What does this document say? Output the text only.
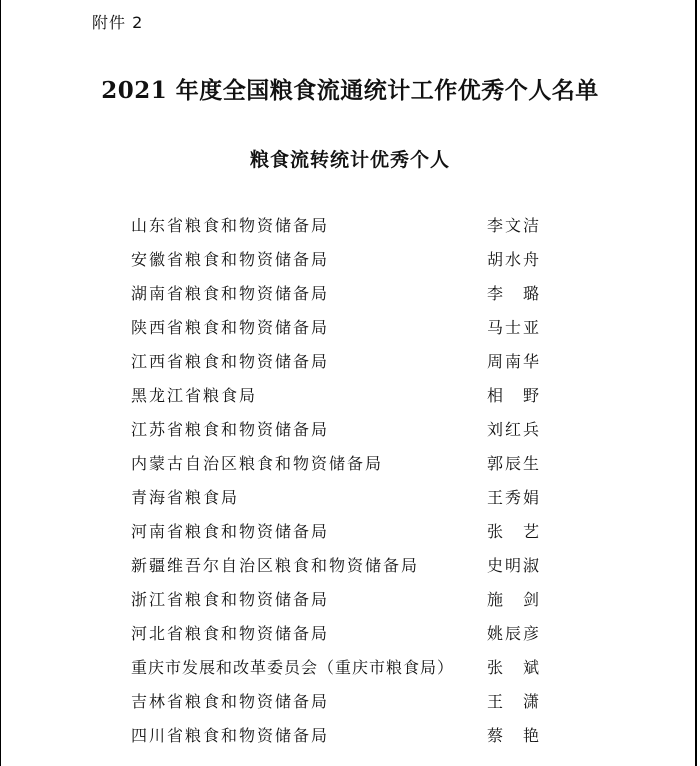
附件 2
2021 年度全国粮食流通统计工作优秀个人名单
粮食流转统计优秀个人
山东省粮食和物资储备局	李文洁
安徽省粮食和物资储备局	胡水舟
湖南省粮食和物资储备局	李　璐
陕西省粮食和物资储备局	马士亚
江西省粮食和物资储备局	周南华
黑龙江省粮食局	相　野
江苏省粮食和物资储备局	刘红兵
内蒙古自治区粮食和物资储备局	郭辰生
青海省粮食局	王秀娟
河南省粮食和物资储备局	张　艺
新疆维吾尔自治区粮食和物资储备局	史明淑
浙江省粮食和物资储备局	施　剑
河北省粮食和物资储备局	姚辰彦
重庆市发展和改革委员会（重庆市粮食局） 张　斌
吉林省粮食和物资储备局	王　潇
四川省粮食和物资储备局	蔡　艳
